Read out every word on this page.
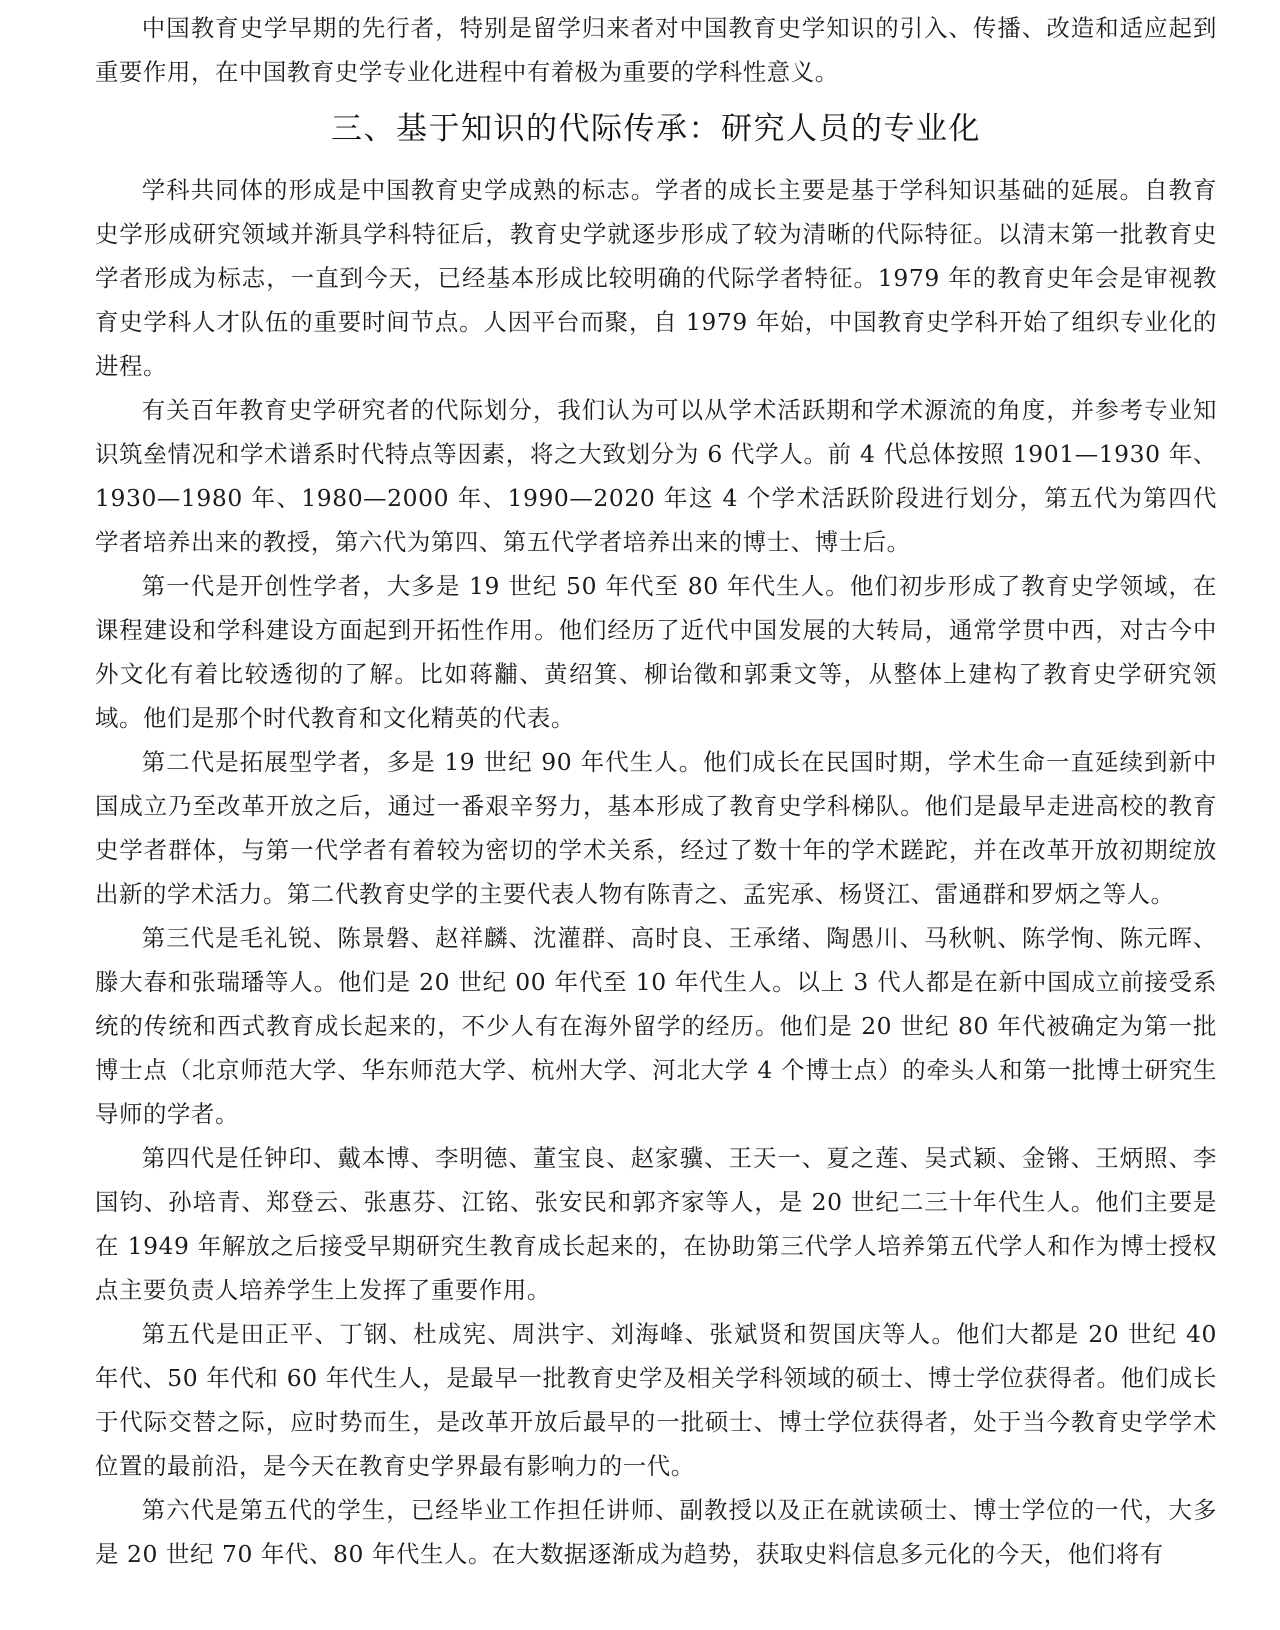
中国教育史学早期的先行者，特别是留学归来者对中国教育史学知识的引入、传播、改造和适应起到重要作用，在中国教育史学专业化进程中有着极为重要的学科性意义。

三、基于知识的代际传承：研究人员的专业化

学科共同体的形成是中国教育史学成熟的标志。学者的成长主要是基于学科知识基础的延展。自教育史学形成研究领域并渐具学科特征后，教育史学就逐步形成了较为清晰的代际特征。以清末第一批教育史学者形成为标志，一直到今天，已经基本形成比较明确的代际学者特征。1979 年的教育史年会是审视教育史学科人才队伍的重要时间节点。人因平台而聚，自 1979 年始，中国教育史学科开始了组织专业化的进程。

有关百年教育史学研究者的代际划分，我们认为可以从学术活跃期和学术源流的角度，并参考专业知识筑垒情况和学术谱系时代特点等因素，将之大致划分为 6 代学人。前 4 代总体按照 1901—1930 年、1930—1980 年、1980—2000 年、1990—2020 年这 4 个学术活跃阶段进行划分，第五代为第四代学者培养出来的教授，第六代为第四、第五代学者培养出来的博士、博士后。

第一代是开创性学者，大多是 19 世纪 50 年代至 80 年代生人。他们初步形成了教育史学领域，在课程建设和学科建设方面起到开拓性作用。他们经历了近代中国发展的大转局，通常学贯中西，对古今中外文化有着比较透彻的了解。比如蒋黼、黄绍箕、柳诒徵和郭秉文等，从整体上建构了教育史学研究领域。他们是那个时代教育和文化精英的代表。

第二代是拓展型学者，多是 19 世纪 90 年代生人。他们成长在民国时期，学术生命一直延续到新中国成立乃至改革开放之后，通过一番艰辛努力，基本形成了教育史学科梯队。他们是最早走进高校的教育史学者群体，与第一代学者有着较为密切的学术关系，经过了数十年的学术蹉跎，并在改革开放初期绽放出新的学术活力。第二代教育史学的主要代表人物有陈青之、孟宪承、杨贤江、雷通群和罗炳之等人。

第三代是毛礼锐、陈景磐、赵祥麟、沈灌群、高时良、王承绪、陶愚川、马秋帆、陈学恂、陈元晖、滕大春和张瑞璠等人。他们是 20 世纪 00 年代至 10 年代生人。以上 3 代人都是在新中国成立前接受系统的传统和西式教育成长起来的，不少人有在海外留学的经历。他们是 20 世纪 80 年代被确定为第一批博士点（北京师范大学、华东师范大学、杭州大学、河北大学 4 个博士点）的牵头人和第一批博士研究生导师的学者。

第四代是任钟印、戴本博、李明德、董宝良、赵家骥、王天一、夏之莲、吴式颖、金锵、王炳照、李国钧、孙培青、郑登云、张惠芬、江铭、张安民和郭齐家等人，是 20 世纪二三十年代生人。他们主要是在 1949 年解放之后接受早期研究生教育成长起来的，在协助第三代学人培养第五代学人和作为博士授权点主要负责人培养学生上发挥了重要作用。

第五代是田正平、丁钢、杜成宪、周洪宇、刘海峰、张斌贤和贺国庆等人。他们大都是 20 世纪 40 年代、50 年代和 60 年代生人，是最早一批教育史学及相关学科领域的硕士、博士学位获得者。他们成长于代际交替之际，应时势而生，是改革开放后最早的一批硕士、博士学位获得者，处于当今教育史学学术位置的最前沿，是今天在教育史学界最有影响力的一代。

第六代是第五代的学生，已经毕业工作担任讲师、副教授以及正在就读硕士、博士学位的一代，大多是 20 世纪 70 年代、80 年代生人。在大数据逐渐成为趋势，获取史料信息多元化的今天，他们将有
